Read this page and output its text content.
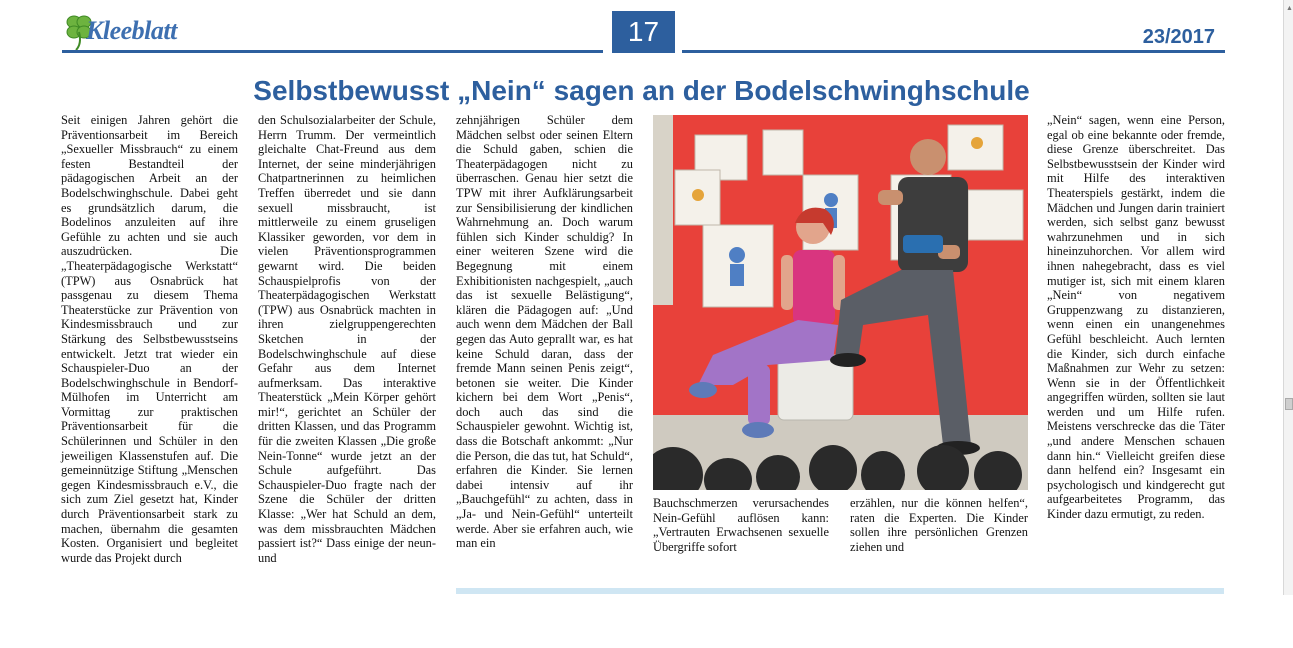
Kleeblatt	17	23/2017
Selbstbewusst „Nein“ sagen an der Bodelschwinghschule

Seit einigen Jahren gehört die Präventionsarbeit im Bereich „Sexueller Missbrauch“ zu einem festen Bestandteil der pädagogischen Arbeit an der Bodelschwinghschule. Dabei geht es grundsätzlich darum, die Bodelinos anzuleiten auf ihre Gefühle zu achten und sie auch auszudrücken. Die „Theaterpädagogische Werkstatt“ (TPW) aus Osnabrück hat passgenau zu diesem Thema Theaterstücke zur Prävention von Kindesmissbrauch und zur Stärkung des Selbstbewusstseins entwickelt. Jetzt trat wieder ein Schauspieler-Duo an der Bodelschwinghschule in Bendorf-Mülhofen im Unterricht am Vormittag zur praktischen Präventionsarbeit für die Schülerinnen und Schüler in den jeweiligen Klassenstufen auf. Die gemeinnützige Stiftung „Menschen gegen Kindesmissbrauch e.V., die sich zum Ziel gesetzt hat, Kinder durch Präventionsarbeit stark zu machen, übernahm die gesamten Kosten. Organisiert und begleitet wurde das Projekt durch

den Schulsozialarbeiter der Schule, Herrn Trumm. Der vermeintlich gleichalte Chat-Freund aus dem Internet, der seine minderjährigen Chatpartnerinnen zu heimlichen Treffen überredet und sie dann sexuell missbraucht, ist mittlerweile zu einem gruseligen Klassiker geworden, vor dem in vielen Präventionsprogrammen gewarnt wird. Die beiden Schauspielprofis von der Theaterpädagogischen Werkstatt (TPW) aus Osnabrück machten in ihren zielgruppengerechten Sketchen in der Bodelschwinghschule auf diese Gefahr aus dem Internet aufmerksam. Das interaktive Theaterstück „Mein Körper gehört mir!“, gerichtet an Schüler der dritten Klassen, und das Programm für die zweiten Klassen „Die große Nein-Tonne“ wurde jetzt an der Schule aufgeführt. Das Schauspieler-Duo fragte nach der Szene die Schüler der dritten Klasse: „Wer hat Schuld an dem, was dem missbrauchten Mädchen passiert ist?“ Dass einige der neun- und

zehnjährigen Schüler dem Mädchen selbst oder seinen Eltern die Schuld gaben, schien die Theaterpädagogen nicht zu überraschen. Genau hier setzt die TPW mit ihrer Aufklärungsarbeit zur Sensibilisierung der kindlichen Wahrnehmung an. Doch warum fühlen sich Kinder schuldig? In einer weiteren Szene wird die Begegnung mit einem Exhibitionisten nachgespielt, „auch das ist sexuelle Belästigung“, klären die Pädagogen auf: „Und auch wenn dem Mädchen der Ball gegen das Auto geprallt war, es hat keine Schuld daran, dass der fremde Mann seinen Penis zeigt“, betonen sie weiter. Die Kinder kichern bei dem Wort „Penis“, doch auch das sind die Schauspieler gewohnt. Wichtig ist, dass die Botschaft ankommt: „Nur die Person, die das tut, hat Schuld“, erfahren die Kinder. Sie lernen dabei intensiv auf ihr „Bauchgefühl“ zu achten, dass in „Ja- und Nein-Gefühl“ unterteilt werde. Aber sie erfahren auch, wie man ein

„Nein“ sagen, wenn eine Person, egal ob eine bekannte oder fremde, diese Grenze überschreitet. Das Selbstbewusstsein der Kinder wird mit Hilfe des interaktiven Theaterspiels gestärkt, indem die Mädchen und Jungen darin trainiert werden, sich selbst ganz bewusst wahrzunehmen und in sich hineinzuhorchen. Vor allem wird ihnen nahegebracht, dass es viel mutiger ist, sich mit einem klaren „Nein“ von negativem Gruppenzwang zu distanzieren, wenn einen ein unangenehmes Gefühl beschleicht. Auch lernten die Kinder, sich durch einfache Maßnahmen zur Wehr zu setzen: Wenn sie in der Öffentlichkeit angegriffen würden, sollten sie laut werden und um Hilfe rufen. Meistens verschrecke das die Täter „und andere Menschen schauen dann hin.“ Vielleicht greifen diese dann helfend ein? Insgesamt ein psychologisch und kindgerecht gut aufgearbeitetes Programm, das Kinder dazu ermutigt, zu reden.

Bauchschmerzen verursachendes Nein-Gefühl auflösen kann: „Vertrauten Erwachsenen sexuelle Übergriffe sofort
erzählen, nur die können helfen“, raten die Experten. Die Kinder sollen ihre persönlichen Grenzen ziehen und
▲
